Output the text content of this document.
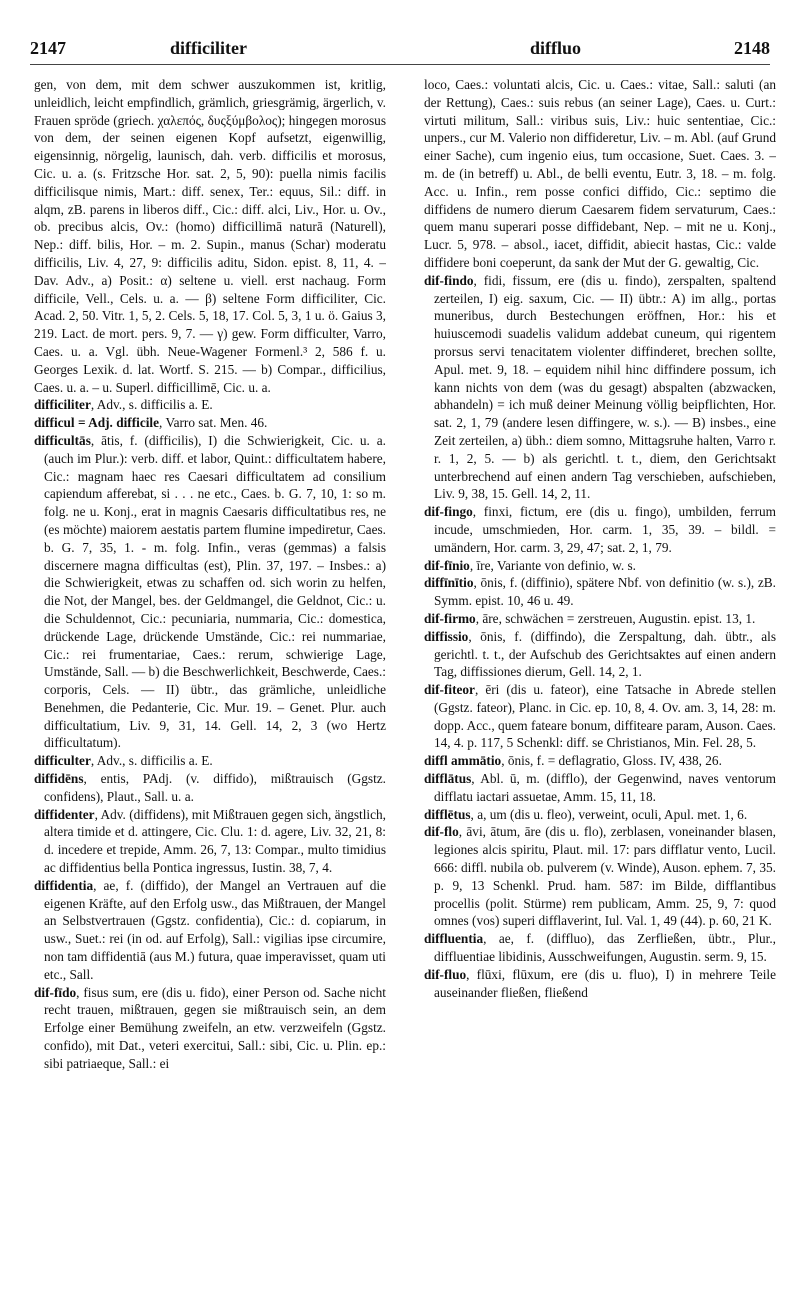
2147	difficiliter	diffluo	2148

gen, von dem, mit dem schwer auszukommen ist, kritlig, unleidlich, leicht empfindlich, grämlich, griesgrämig, ärgerlich, v. Frauen spröde (griech. χαλεπός, δυςξύμβολος); hingegen morosus von dem, der seinen eigenen Kopf aufsetzt, eigenwillig, eigensinnig, nörgelig, launisch, dah. verb. difficilis et morosus, Cic. u. a. (s. Fritzsche Hor. sat. 2, 5, 90): puella nimis facilis difficilisque nimis, Mart.: diff. senex, Ter.: equus, Sil.: diff. in alqm, zB. parens in liberos diff., Cic.: diff. alci, Liv., Hor. u. Ov., ob. precibus alcis, Ov.: (homo) difficillimā naturā (Naturell), Nep.: diff. bilis, Hor. – m. 2. Supin., manus (Schar) moderatu difficilis, Liv. 4, 27, 9: difficilis aditu, Sidon. epist. 8, 11, 4. – Dav. Adv., a) Posit.: α) seltene u. viell. erst nachaug. Form difficile, Vell., Cels. u. a. — β) seltene Form difficiliter, Cic. Acad. 2, 50. Vitr. 1, 5, 2. Cels. 5, 18, 17. Col. 5, 3, 1 u. ö. Gaius 3, 219. Lact. de mort. pers. 9, 7. — γ) gew. Form difficulter, Varro, Caes. u. a. Vgl. übh. Neue-Wagener Formenl.³ 2, 586 f. u. Georges Lexik. d. lat. Wortf. S. 215. — b) Compar., difficilius, Caes. u. a. – u. Superl. difficillimē, Cic. u. a.

difficiliter, Adv., s. difficilis a. E.

difficul = Adj. difficile, Varro sat. Men. 46.

difficultās, ātis, f. (difficilis), I) die Schwierigkeit, Cic. u. a. (auch im Plur.): verb. diff. et labor, Quint.: difficultatem habere, Cic.: magnam haec res Caesari difficultatem ad consilium capiendum afferebat, si . . . ne etc., Caes. b. G. 7, 10, 1: so m. folg. ne u. Konj., erat in magnis Caesaris difficultatibus res, ne (es möchte) maiorem aestatis partem flumine impediretur, Caes. b. G. 7, 35, 1. - m. folg. Infin., veras (gemmas) a falsis discernere magna difficultas (est), Plin. 37, 197. – Insbes.: a) die Schwierigkeit, etwas zu schaffen od. sich worin zu helfen, die Not, der Mangel, bes. der Geldmangel, die Geldnot, Cic.: u. die Schuldennot, Cic.: pecuniaria, nummaria, Cic.: domestica, drückende Lage, drückende Umstände, Cic.: rei nummariae, Cic.: rei frumentariae, Caes.: rerum, schwierige Lage, Umstände, Sall. — b) die Beschwerlichkeit, Beschwerde, Caes.: corporis, Cels. — II) übtr., das grämliche, unleidliche Benehmen, die Pedanterie, Cic. Mur. 19. – Genet. Plur. auch difficultatium, Liv. 9, 31, 14. Gell. 14, 2, 3 (wo Hertz difficultatum).

difficulter, Adv., s. difficilis a. E.

diffidēns, entis, PAdj. (v. diffido), mißtrauisch (Ggstz. confidens), Plaut., Sall. u. a.

diffidenter, Adv. (diffidens), mit Mißtrauen gegen sich, ängstlich, altera timide et d. attingere, Cic. Clu. 1: d. agere, Liv. 32, 21, 8: d. incedere et trepide, Amm. 26, 7, 13: Compar., multo timidius ac diffidentius bella Pontica ingressus, Iustin. 38, 7, 4.

diffidentia, ae, f. (diffido), der Mangel an Vertrauen auf die eigenen Kräfte, auf den Erfolg usw., das Mißtrauen, der Mangel an Selbstvertrauen (Ggstz. confidentia), Cic.: d. copiarum, in usw., Suet.: rei (in od. auf Erfolg), Sall.: vigilias ipse circumire, non tam diffidentiā (aus M.) futura, quae imperavisset, quam uti etc., Sall.

dif-fīdo, fisus sum, ere (dis u. fido), einer Person od. Sache nicht recht trauen, mißtrauen, gegen sie mißtrauisch sein, an dem Erfolge einer Bemühung zweifeln, an etw. verzweifeln (Ggstz. confido), mit Dat., veteri exercitui, Sall.: sibi, Cic. u. Plin. ep.: sibi patriaeque, Sall.: ei

loco, Caes.: voluntati alcis, Cic. u. Caes.: vitae, Sall.: saluti (an der Rettung), Caes.: suis rebus (an seiner Lage), Caes. u. Curt.: virtuti militum, Sall.: viribus suis, Liv.: huic sententiae, Cic.: unpers., cur M. Valerio non diffideretur, Liv. – m. Abl. (auf Grund einer Sache), cum ingenio eius, tum occasione, Suet. Caes. 3. – m. de (in betreff) u. Abl., de belli eventu, Eutr. 3, 18. – m. folg. Acc. u. Infin., rem posse confici diffido, Cic.: septimo die diffidens de numero dierum Caesarem fidem servaturum, Caes.: quem manu superari posse diffidebant, Nep. – mit ne u. Konj., Lucr. 5, 978. – absol., iacet, diffidit, abiecit hastas, Cic.: valde diffidere boni coeperunt, da sank der Mut der G. gewaltig, Cic.

dif-findo, fidi, fissum, ere (dis u. findo), zerspalten, spaltend zerteilen, I) eig. saxum, Cic. — II) übtr.: A) im allg., portas muneribus, durch Bestechungen eröffnen, Hor.: his et huiuscemodi suadelis validum addebat cuneum, qui rigentem prorsus servi tenacitatem violenter diffinderet, brechen sollte, Apul. met. 9, 18. – equidem nihil hinc diffindere possum, ich kann nichts von dem (was du gesagt) abspalten (abzwacken, abhandeln) = ich muß deiner Meinung völlig beipflichten, Hor. sat. 2, 1, 79 (andere lesen diffingere, w. s.). — B) insbes., eine Zeit zerteilen, a) übh.: diem somno, Mittagsruhe halten, Varro r. r. 1, 2, 5. — b) als gerichtl. t. t., diem, den Gerichtsakt unterbrechend auf einen andern Tag verschieben, aufschieben, Liv. 9, 38, 15. Gell. 14, 2, 11.

dif-fingo, finxi, fictum, ere (dis u. fingo), umbilden, ferrum incude, umschmieden, Hor. carm. 1, 35, 39. – bildl. = umändern, Hor. carm. 3, 29, 47; sat. 2, 1, 79.

dif-fīnio, īre, Variante von definio, w. s.

diffīnītio, ōnis, f. (diffinio), spätere Nbf. von definitio (w. s.), zB. Symm. epist. 10, 46 u. 49.

dif-firmo, āre, schwächen = zerstreuen, Augustin. epist. 13, 1.

diffissio, ōnis, f. (diffindo), die Zerspaltung, dah. übtr., als gerichtl. t. t., der Aufschub des Gerichtsaktes auf einen andern Tag, diffissiones dierum, Gell. 14, 2, 1.

dif-fiteor, ēri (dis u. fateor), eine Tatsache in Abrede stellen (Ggstz. fateor), Planc. in Cic. ep. 10, 8, 4. Ov. am. 3, 14, 28: m. dopp. Acc., quem fateare bonum, diffiteare param, Auson. Caes. 14, 4. p. 117, 5 Schenkl: diff. se Christianos, Min. Fel. 28, 5.

diffl ammātio, ōnis, f. = deflagratio, Gloss. IV, 438, 26.

difflātus, Abl. ū, m. (difflo), der Gegenwind, naves ventorum difflatu iactari assuetae, Amm. 15, 11, 18.

difflētus, a, um (dis u. fleo), verweint, oculi, Apul. met. 1, 6.

dif-flo, āvi, ātum, āre (dis u. flo), zerblasen, voneinander blasen, legiones alcis spiritu, Plaut. mil. 17: pars difflatur vento, Lucil. 666: diffl. nubila ob. pulverem (v. Winde), Auson. ephem. 7, 35. p. 9, 13 Schenkl. Prud. ham. 587: im Bilde, difflantibus procellis (polit. Stürme) rem publicam, Amm. 25, 9, 7: quod omnes (vos) superi difflaverint, Iul. Val. 1, 49 (44). p. 60, 21 K.

diffluentia, ae, f. (diffluo), das Zerfließen, übtr., Plur., diffluentiae libidinis, Ausschweifungen, Augustin. serm. 9, 15.

dif-fluo, flūxi, flūxum, ere (dis u. fluo), I) in mehrere Teile auseinander fließen, fließend
